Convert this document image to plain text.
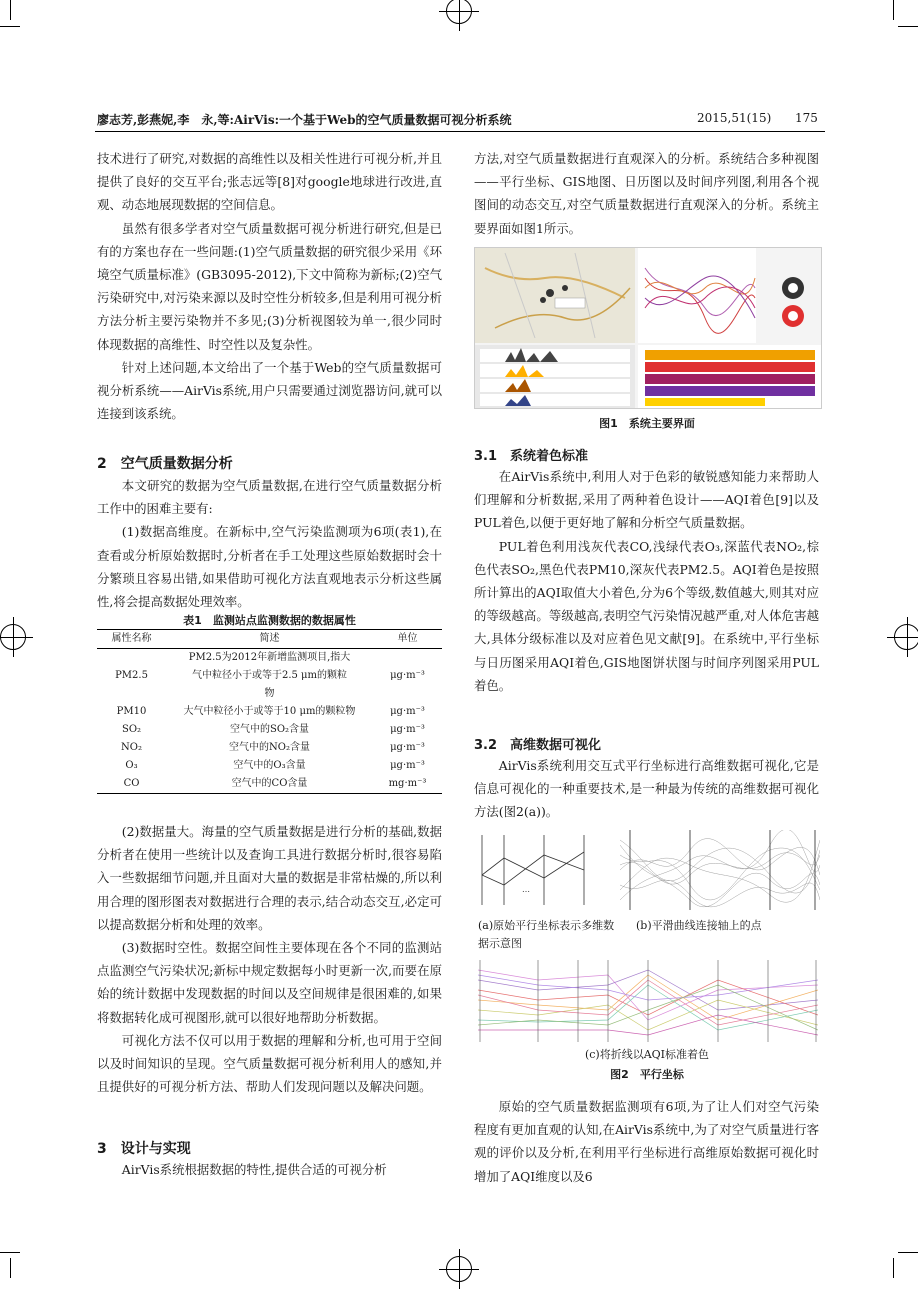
廖志芳,彭燕妮,李　永,等:AirVis:一个基于Web的空气质量数据可视分析系统	2015,51(15) 175

技术进行了研究,对数据的高维性以及相关性进行可视分析,并且提供了良好的交互平台;张志远等[8]对google地球进行改进,直观、动态地展现数据的空间信息。

虽然有很多学者对空气质量数据可视分析进行研究,但是已有的方案也存在一些问题:(1)空气质量数据的研究很少采用《环境空气质量标准》(GB3095-2012),下文中简称为新标;(2)空气污染研究中,对污染来源以及时空性分析较多,但是利用可视分析方法分析主要污染物并不多见;(3)分析视图较为单一,很少同时体现数据的高维性、时空性以及复杂性。

针对上述问题,本文给出了一个基于Web的空气质量数据可视分析系统——AirVis系统,用户只需要通过浏览器访问,就可以连接到该系统。

2　空气质量数据分析

本文研究的数据为空气质量数据,在进行空气质量数据分析工作中的困难主要有:

(1)数据高维度。在新标中,空气污染监测项为6项(表1),在查看或分析原始数据时,分析者在手工处理这些原始数据时会十分繁琐且容易出错,如果借助可视化方法直观地表示分析这些属性,将会提高数据处理效率。

表1　监测站点监测数据的数据属性
属性名称	简述	单位
PM2.5	PM2.5为2012年新增监测项目,指大气中粒径小于或等于2.5 μm的颗粒物	μg·m⁻³
PM10	大气中粒径小于或等于10 μm的颗粒物	μg·m⁻³
SO₂	空气中的SO₂含量	μg·m⁻³
NO₂	空气中的NO₂含量	μg·m⁻³
O₃	空气中的O₃含量	μg·m⁻³
CO	空气中的CO含量	mg·m⁻³

(2)数据量大。海量的空气质量数据是进行分析的基础,数据分析者在使用一些统计以及查询工具进行数据分析时,很容易陷入一些数据细节问题,并且面对大量的数据是非常枯燥的,所以利用合理的图形图表对数据进行合理的表示,结合动态交互,必定可以提高数据分析和处理的效率。

(3)数据时空性。数据空间性主要体现在各个不同的监测站点监测空气污染状况;新标中规定数据每小时更新一次,而要在原始的统计数据中发现数据的时间以及空间规律是很困难的,如果将数据转化成可视图形,就可以很好地帮助分析数据。

可视化方法不仅可以用于数据的理解和分析,也可用于空间以及时间知识的呈现。空气质量数据可视分析利用人的感知,并且提供好的可视分析方法、帮助人们发现问题以及解决问题。

3　设计与实现

AirVis系统根据数据的特性,提供合适的可视分析

方法,对空气质量数据进行直观深入的分析。系统结合多种视图——平行坐标、GIS地图、日历图以及时间序列图,利用各个视图间的动态交互,对空气质量数据进行直观深入的分析。系统主要界面如图1所示。

图1　系统主要界面
3.1　系统着色标准

在AirVis系统中,利用人对于色彩的敏锐感知能力来帮助人们理解和分析数据,采用了两种着色设计——AQI着色[9]以及PUL着色,以便于更好地了解和分析空气质量数据。

PUL着色利用浅灰代表CO,浅绿代表O₃,深蓝代表NO₂,棕色代表SO₂,黑色代表PM10,深灰代表PM2.5。AQI着色是按照所计算出的AQI取值大小着色,分为6个等级,数值越大,则其对应的等级越高。等级越高,表明空气污染情况越严重,对人体危害越大,具体分级标准以及对应着色见文献[9]。在系统中,平行坐标与日历图采用AQI着色,GIS地图饼状图与时间序列图采用PUL着色。

3.2　高维数据可视化

AirVis系统利用交互式平行坐标进行高维数据可视化,它是信息可视化的一种重要技术,是一种最为传统的高维数据可视化方法(图2(a))。

…
(a)原始平行坐标表示多维数据示意图
(b)平滑曲线连接轴上的点
(c)将折线以AQI标准着色
图2　平行坐标

原始的空气质量数据监测项有6项,为了让人们对空气污染程度有更加直观的认知,在AirVis系统中,为了对空气质量进行客观的评价以及分析,在利用平行坐标进行高维原始数据可视化时增加了AQI维度以及6
